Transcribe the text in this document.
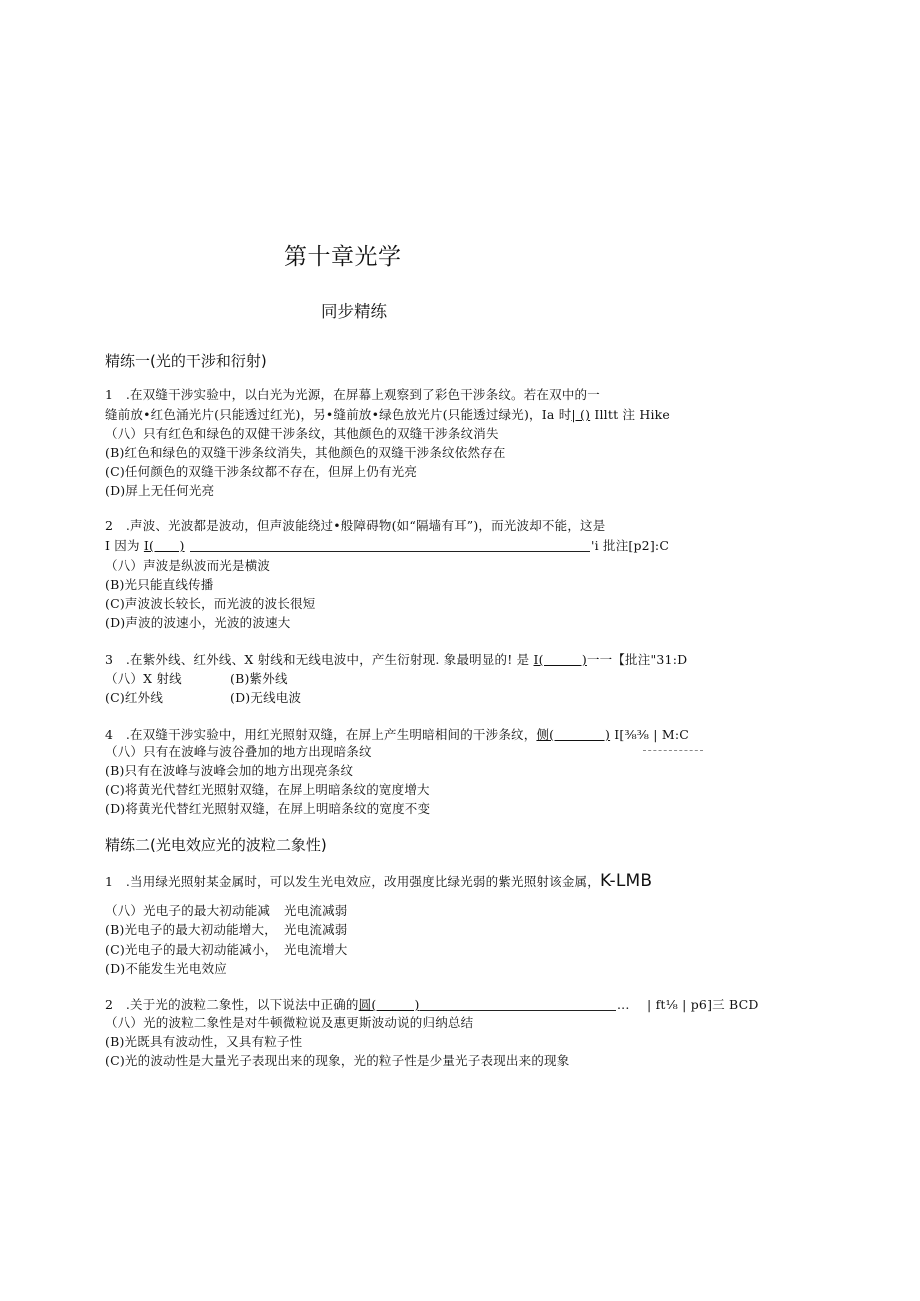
第十章光学
同步精练
精练一(光的干涉和衍射)
1　.在双缝干涉实验中，以白光为光源，在屏幕上观察到了彩色干涉条纹。若在双中的一
缝前放•红色涌光片(只能透过红光)，另•缝前放•绿色放光片(只能透过绿光)，Ia 时| () Illtt 注 Hike
（八）只有红色和绿色的双健干涉条纹，其他颜色的双缝干涉条纹消失
(B)红色和绿色的双缝干涉条纹消失，其他颜色的双缝干涉条纹依然存在
(C)任何颜色的双缝干涉条纹都不存在，但屏上仍有光亮
(D)屏上无任何光亮
2　.声波、光波都是波动，但声波能绕过•般障碍物(如“隔墙有耳”)，而光波却不能，这是
I 因为 I(　　)	'i 批注[p2]:C
（八）声波是纵波而光是横波
(B)光只能直线传播
(C)声波波长较长，而光波的波长很短
(D)声波的波速小，光波的波速大
3　.在紫外线、红外线、X 射线和无线电波中，产生衍射现. 象最明显的! 是 I(　　　)一一【批注"31:D
（八）X 射线	(B)紫外线
(C)红外线	(D)无线电波
4　.在双缝干涉实验中，用红光照射双缝，在屏上产生明暗相间的干涉条纹，侧(　　　　) I[⅜⅜ | M:C
（八）只有在波峰与波谷叠加的地方出现暗条纹
(B)只有在波峰与波峰会加的地方出现亮条纹
(C)将黄光代替红光照射双缝，在屏上明暗条纹的宽度增大
(D)将黄光代替红光照射双缝，在屏上明暗条纹的宽度不变
精练二(光电效应光的波粒二象性)
1　.当用绿光照射某金属时，可以发生光电效应，改用强度比绿光弱的紫光照射该金属，K-LMB
（八）光电子的最大初动能减 光电流减弱
(B)光电子的最大初动能增大， 光电流减弱
(C)光电子的最大初动能减小， 光电流增大
(D)不能发生光电效应
2　.关于光的波粒二象性，以下说法中正确的圆(　　　)	... | ft⅛ | p6]三 BCD
（八）光的波粒二象性是对牛顿微粒说及惠更斯波动说的归纳总结
(B)光既具有波动性，又具有粒子性
(C)光的波动性是大量光子表现出来的现象，光的粒子性是少量光子表现出来的现象
